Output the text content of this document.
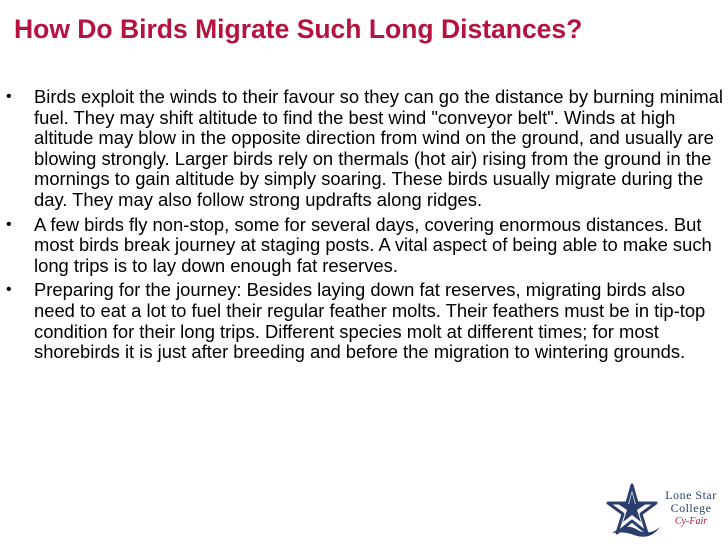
How Do Birds Migrate Such Long Distances?
•	Birds exploit the winds to their favour so they can go the distance by burning minimal fuel. They may shift altitude to find the best wind "conveyor belt". Winds at high altitude may blow in the opposite direction from wind on the ground, and usually are blowing strongly. Larger birds rely on thermals (hot air) rising from the ground in the mornings to gain altitude by simply soaring. These birds usually migrate during the day. They may also follow strong updrafts along ridges.
•	A few birds fly non-stop, some for several days, covering enormous distances. But most birds break journey at staging posts. A vital aspect of being able to make such long trips is to lay down enough fat reserves.
•	Preparing for the journey: Besides laying down fat reserves, migrating birds also need to eat a lot to fuel their regular feather molts. Their feathers must be in tip-top condition for their long trips. Different species molt at different times; for most shorebirds it is just after breeding and before the migration to wintering grounds.
Lone Star
College
Cy-Fair
